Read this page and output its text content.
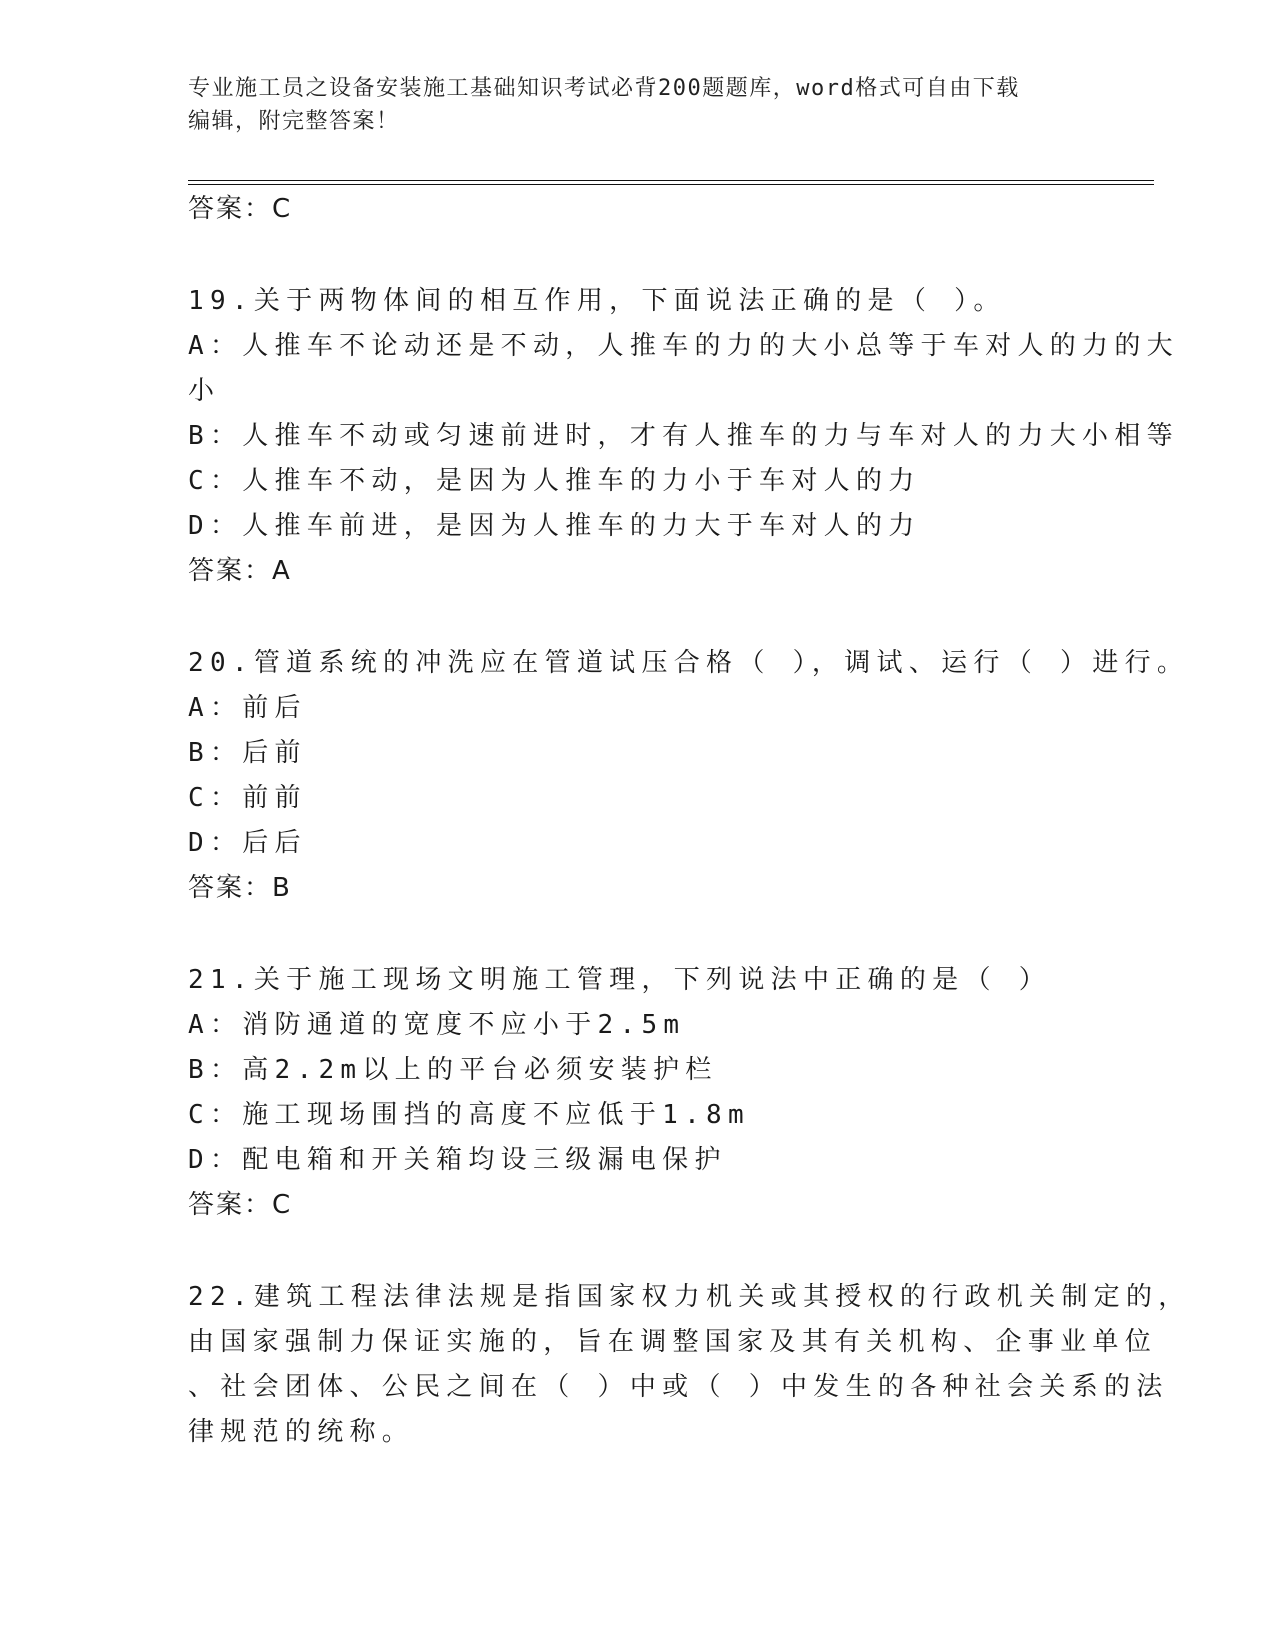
专业施工员之设备安装施工基础知识考试必背200题题库，word格式可自由下载
编辑，附完整答案！
答案：C
19.关于两物体间的相互作用，下面说法正确的是（ ）。
A：人推车不论动还是不动，人推车的力的大小总等于车对人的力的大
小
B：人推车不动或匀速前进时，才有人推车的力与车对人的力大小相等
C：人推车不动，是因为人推车的力小于车对人的力
D：人推车前进，是因为人推车的力大于车对人的力
答案：A
20.管道系统的冲洗应在管道试压合格（ ），调试、运行（ ）进行。
A：前后
B：后前
C：前前
D：后后
答案：B
21.关于施工现场文明施工管理，下列说法中正确的是（ ）
A：消防通道的宽度不应小于2.5m
B：高2.2m以上的平台必须安装护栏
C：施工现场围挡的高度不应低于1.8m
D：配电箱和开关箱均设三级漏电保护
答案：C
22.建筑工程法律法规是指国家权力机关或其授权的行政机关制定的，
由国家强制力保证实施的，旨在调整国家及其有关机构、企事业单位
、社会团体、公民之间在（ ）中或（ ）中发生的各种社会关系的法
律规范的统称。
